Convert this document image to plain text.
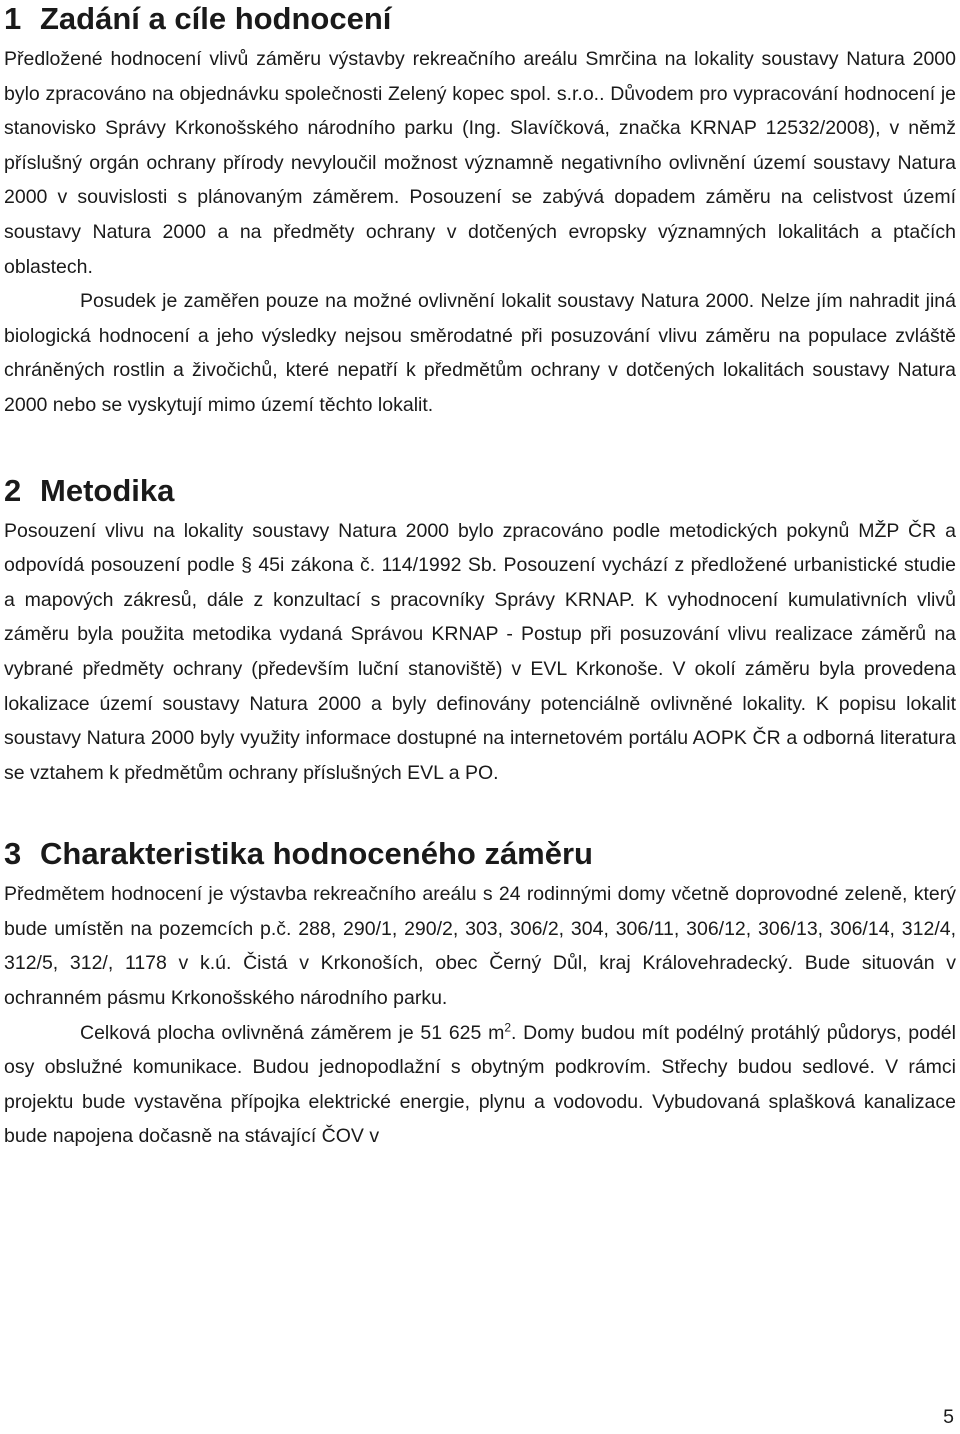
1 Zadání a cíle hodnocení

Předložené hodnocení vlivů záměru výstavby rekreačního areálu Smrčina na lokality soustavy Natura 2000 bylo zpracováno na objednávku společnosti Zelený kopec spol. s.r.o.. Důvodem pro vypracování hodnocení je stanovisko Správy Krkonošského národního parku (Ing. Slavíčková, značka KRNAP 12532/2008), v němž příslušný orgán ochrany přírody nevyloučil možnost významně negativního ovlivnění území soustavy Natura 2000 v souvislosti s plánovaným záměrem. Posouzení se zabývá dopadem záměru na celistvost území soustavy Natura 2000 a na předměty ochrany v dotčených evropsky významných lokalitách a ptačích oblastech.

Posudek je zaměřen pouze na možné ovlivnění lokalit soustavy Natura 2000. Nelze jím nahradit jiná biologická hodnocení a jeho výsledky nejsou směrodatné při posuzování vlivu záměru na populace zvláště chráněných rostlin a živočichů, které nepatří k předmětům ochrany v dotčených lokalitách soustavy Natura 2000 nebo se vyskytují mimo území těchto lokalit.

2 Metodika

Posouzení vlivu na lokality soustavy Natura 2000 bylo zpracováno podle metodických pokynů MŽP ČR a odpovídá posouzení podle § 45i zákona č. 114/1992 Sb. Posouzení vychází z předložené urbanistické studie a mapových zákresů, dále z konzultací s pracovníky Správy KRNAP. K vyhodnocení kumulativních vlivů záměru byla použita metodika vydaná Správou KRNAP - Postup při posuzování vlivu realizace záměrů na vybrané předměty ochrany (především luční stanoviště) v EVL Krkonoše. V okolí záměru byla provedena lokalizace území soustavy Natura 2000 a byly definovány potenciálně ovlivněné lokality. K popisu lokalit soustavy Natura 2000 byly využity informace dostupné na internetovém portálu AOPK ČR a odborná literatura se vztahem k předmětům ochrany příslušných EVL a PO.

3 Charakteristika hodnoceného záměru

Předmětem hodnocení je výstavba rekreačního areálu s 24 rodinnými domy včetně doprovodné zeleně, který bude umístěn na pozemcích p.č. 288, 290/1, 290/2, 303, 306/2, 304, 306/11, 306/12, 306/13, 306/14, 312/4, 312/5, 312/, 1178 v k.ú. Čistá v Krkonoších, obec Černý Důl, kraj Královehradecký. Bude situován v ochranném pásmu Krkonošského národního parku.

Celková plocha ovlivněná záměrem je 51 625 $m^2$. Domy budou mít podélný protáhlý půdorys, podél osy obslužné komunikace. Budou jednopodlažní s obytným podkrovím. Střechy budou sedlové. V rámci projektu bude vystavěna přípojka elektrické energie, plynu a vodovodu. Vybudovaná splašková kanalizace bude napojena dočasně na stávající ČOV v

5
